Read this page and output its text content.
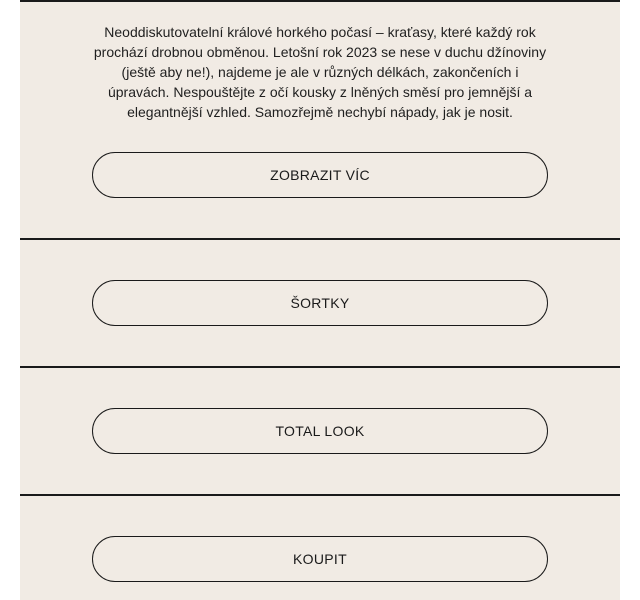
Neoddiskutovatelní králové horkého počasí – kraťasy, které každý rok prochází drobnou obměnou. Letošní rok 2023 se nese v duchu džínoviny (ještě aby ne!), najdeme je ale v různých délkách, zakončeních i úpravách. Nespouštějte z očí kousky z lněných směsí pro jemnější a elegantnější vzhled. Samozřejmě nechybí nápady, jak je nosit.

ZOBRAZIT VÍC
ŠORTKY
TOTAL LOOK
KOUPIT
